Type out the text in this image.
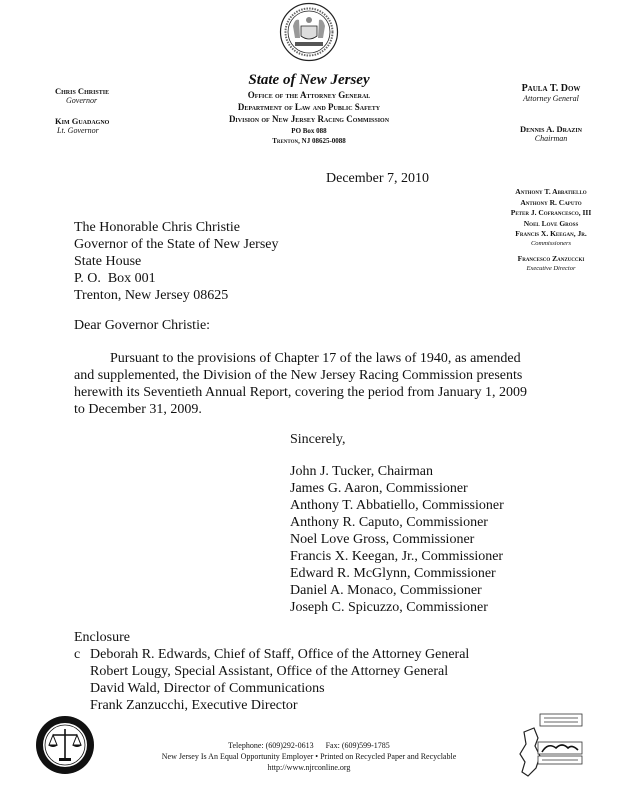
State of New Jersey
Office of the Attorney General
Department of Law and Public Safety
Division of New Jersey Racing Commission
PO Box 088
Trenton, NJ 08625-0088
Chris Christie
Governor
Kim Guadagno
Lt. Governor
Paula T. Dow
Attorney General
Dennis A. Drazin
Chairman
Anthony T. Abbatiello
Anthony R. Caputo
Peter J. Cofrancesco, III
Noel Love Gross
Francis X. Keegan, Jr.
Commissioners
Francesco Zanzuccki
Executive Director
December 7, 2010
The Honorable Chris Christie
Governor of the State of New Jersey
State House
P. O.  Box 001
Trenton, New Jersey 08625
Dear Governor Christie:
Pursuant to the provisions of Chapter 17 of the laws of 1940, as amended
and supplemented, the Division of the New Jersey Racing Commission presents
herewith its Seventieth Annual Report, covering the period from January 1, 2009
to December 31, 2009.
Sincerely,
John J. Tucker, Chairman
James G. Aaron, Commissioner
Anthony T. Abbatiello, Commissioner
Anthony R. Caputo, Commissioner
Noel Love Gross, Commissioner
Francis X. Keegan, Jr., Commissioner
Edward R. McGlynn, Commissioner
Daniel A. Monaco, Commissioner
Joseph C. Spicuzzo, Commissioner
Enclosure
c Deborah R. Edwards, Chief of Staff, Office of the Attorney General
Robert Lougy, Special Assistant, Office of the Attorney General
David Wald, Director of Communications
Frank Zanzucchi, Executive Director
Telephone: (609)292-0613      Fax: (609)599-1785
New Jersey Is An Equal Opportunity Employer • Printed on Recycled Paper and Recyclable
http://www.njrconline.org
